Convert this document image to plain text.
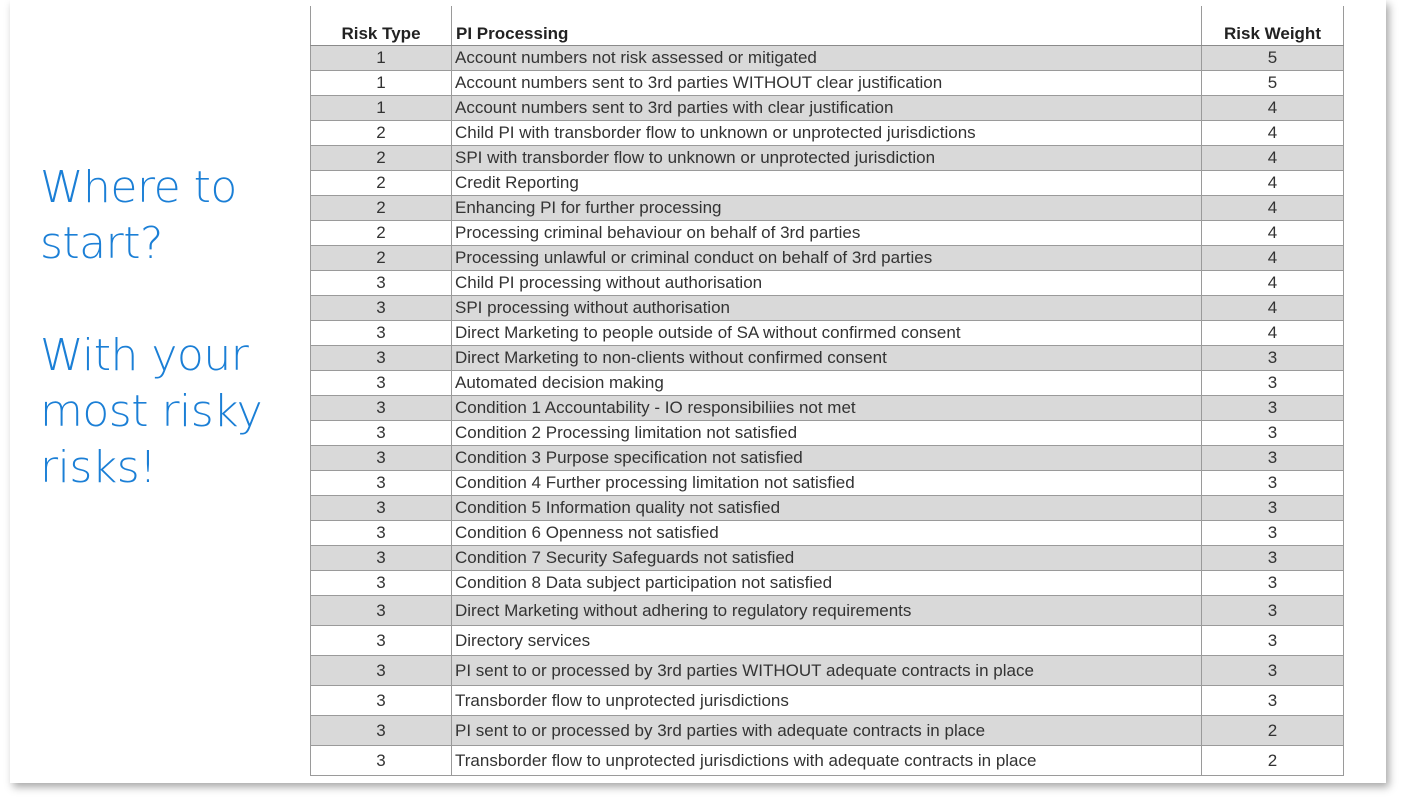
Where to
start?
With your
most risky
risks!
Risk Type	PI Processing	Risk Weight
1	Account numbers not risk assessed or mitigated	5
1	Account numbers sent to 3rd parties WITHOUT clear justification	5
1	Account numbers sent to 3rd parties with clear justification	4
2	Child PI with transborder flow to unknown or unprotected jurisdictions	4
2	SPI with transborder flow to unknown or unprotected jurisdiction	4
2	Credit Reporting	4
2	Enhancing PI for further processing	4
2	Processing criminal behaviour on behalf of 3rd parties	4
2	Processing unlawful or criminal conduct on behalf of 3rd parties	4
3	Child PI processing without authorisation	4
3	SPI processing without authorisation	4
3	Direct Marketing to people outside of SA without confirmed consent	4
3	Direct Marketing to non-clients without confirmed consent	3
3	Automated decision making	3
3	Condition 1 Accountability - IO responsibiliies not met	3
3	Condition 2 Processing limitation not satisfied	3
3	Condition 3 Purpose specification not satisfied	3
3	Condition 4 Further processing limitation not satisfied	3
3	Condition 5 Information quality not satisfied	3
3	Condition 6 Openness not satisfied	3
3	Condition 7 Security Safeguards not satisfied	3
3	Condition 8 Data subject participation not satisfied	3
3	Direct Marketing without adhering to regulatory requirements	3
3	Directory services	3
3	PI sent to or processed by 3rd parties WITHOUT adequate contracts in place	3
3	Transborder flow to unprotected jurisdictions	3
3	PI sent to or processed by 3rd parties with adequate contracts in place	2
3	Transborder flow to unprotected jurisdictions with adequate contracts in place	2
